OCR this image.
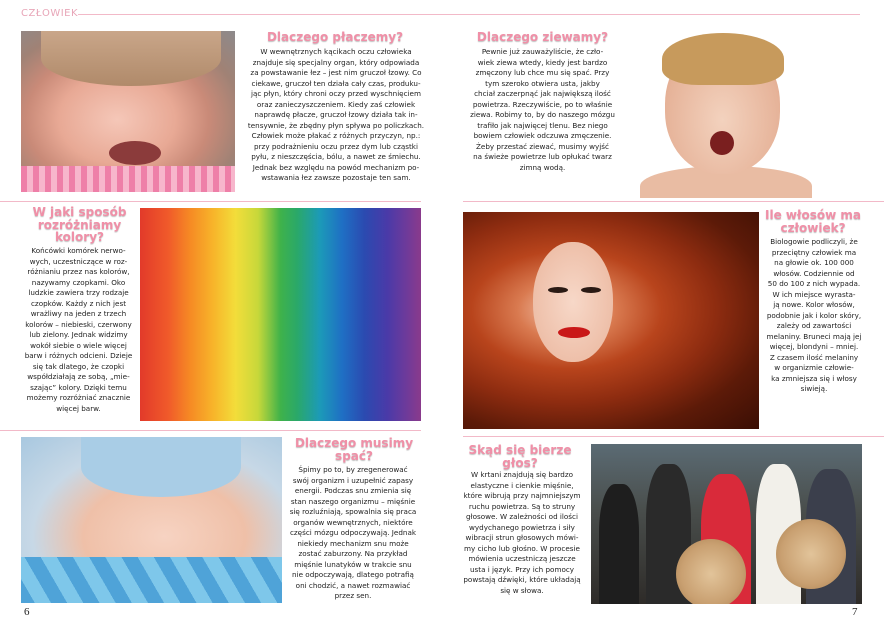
CZŁOWIEK
Dlaczego płaczemy?
W wewnętrznych kącikach oczu człowieka
znajduje się specjalny organ, który odpowiada
za powstawanie łez – jest nim gruczoł łzowy. Co
ciekawe, gruczoł ten działa cały czas, produku-
jąc płyn, który chroni oczy przed wyschnięciem
oraz zanieczyszczeniem. Kiedy zaś człowiek
naprawdę płacze, gruczoł łzowy działa tak in-
tensywnie, że zbędny płyn spływa po policzkach.
Człowiek może płakać z różnych przyczyn, np.:
przy podrażnieniu oczu przez dym lub cząstki
pyłu, z nieszczęścia, bólu, a nawet ze śmiechu.
Jednak bez względu na powód mechanizm po-
wstawania łez zawsze pozostaje ten sam.
Dlaczego ziewamy?
Pewnie już zauważyliście, że czło-
wiek ziewa wtedy, kiedy jest bardzo
zmęczony lub chce mu się spać. Przy
tym szeroko otwiera usta, jakby
chciał zaczerpnąć jak największą ilość
powietrza. Rzeczywiście, po to właśnie
ziewa. Robimy to, by do naszego mózgu
trafiło jak najwięcej tlenu. Bez niego
bowiem człowiek odczuwa zmęczenie.
Żeby przestać ziewać, musimy wyjść
na świeże powietrze lub opłukać twarz
zimną wodą.
W jaki sposób rozróżniamy kolory?
Końcówki komórek nerwo-
wych, uczestniczące w roz-
różnianiu przez nas kolorów,
nazywamy czopkami. Oko
ludzkie zawiera trzy rodzaje
czopków. Każdy z nich jest
wrażliwy na jeden z trzech
kolorów – niebieski, czerwony
lub zielony. Jednak widzimy
wokół siebie o wiele więcej
barw i różnych odcieni. Dzieje
się tak dlatego, że czopki
współdziałają ze sobą, „mie-
szając” kolory. Dzięki temu
możemy rozróżniać znacznie
więcej barw.
Ile włosów ma człowiek?
Biologowie podliczyli, że
przeciętny człowiek ma
na głowie ok. 100 000
włosów. Codziennie od
50 do 100 z nich wypada.
W ich miejsce wyrasta-
ją nowe. Kolor włosów,
podobnie jak i kolor skóry,
zależy od zawartości
melaniny. Bruneci mają jej
więcej, blondyni – mniej.
Z czasem ilość melaniny
w organizmie człowie-
ka zmniejsza się i włosy
siwieją.
Dlaczego musimy spać?
Śpimy po to, by zregenerować
swój organizm i uzupełnić zapasy
energii. Podczas snu zmienia się
stan naszego organizmu – mięśnie
się rozluźniają, spowalnia się praca
organów wewnętrznych, niektóre
części mózgu odpoczywają. Jednak
niekiedy mechanizm snu może
zostać zaburzony. Na przykład
mięśnie lunatyków w trakcie snu
nie odpoczywają, dlatego potrafią
oni chodzić, a nawet rozmawiać
przez sen.
Skąd się bierze głos?
W krtani znajdują się bardzo
elastyczne i cienkie mięśnie,
które wibrują przy najmniejszym
ruchu powietrza. Są to struny
głosowe. W zależności od ilości
wydychanego powietrza i siły
wibracji strun głosowych mówi-
my cicho lub głośno. W procesie
mówienia uczestniczą jeszcze
usta i język. Przy ich pomocy
powstają dźwięki, które układają
się w słowa.
6	7
